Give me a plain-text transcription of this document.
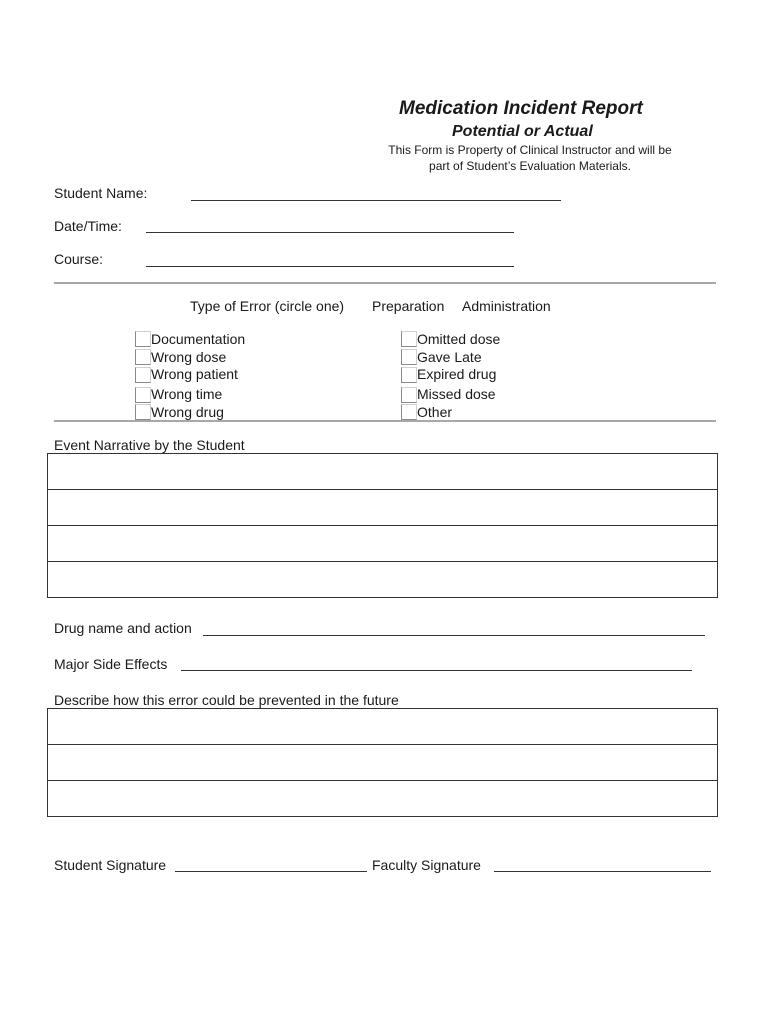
Medication Incident Report
Potential or Actual
This Form is Property of Clinical Instructor and will be
part of Student’s Evaluation Materials.
Student Name:
Date/Time:
Course:
Type of Error (circle one) Preparation Administration
Documentation
Wrong dose
Wrong patient
Wrong time
Wrong drug
Omitted dose
Gave Late
Expired drug
Missed dose
Other
Event Narrative by the Student
Drug name and action
Major Side Effects
Describe how this error could be prevented in the future
Student Signature	Faculty Signature
